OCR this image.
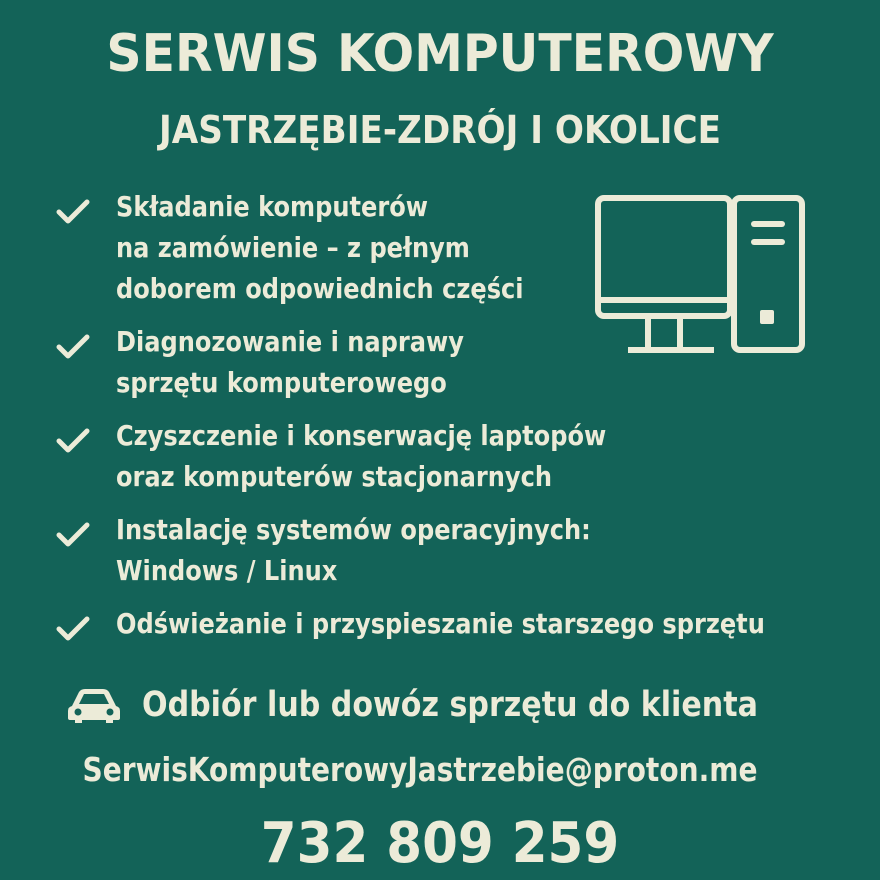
SERWIS KOMPUTEROWY
JASTRZĘBIE-ZDRÓJ I OKOLICE
Składanie komputerów
na zamówienie – z pełnym
doborem odpowiednich części
Diagnozowanie i naprawy
sprzętu komputerowego
Czyszczenie i konserwację laptopów
oraz komputerów stacjonarnych
Instalację systemów operacyjnych:
Windows / Linux
Odświeżanie i przyspieszanie starszego sprzętu
Odbiór lub dowóz sprzętu do klienta
SerwisKomputerowyJastrzebie@proton.me
732 809 259
